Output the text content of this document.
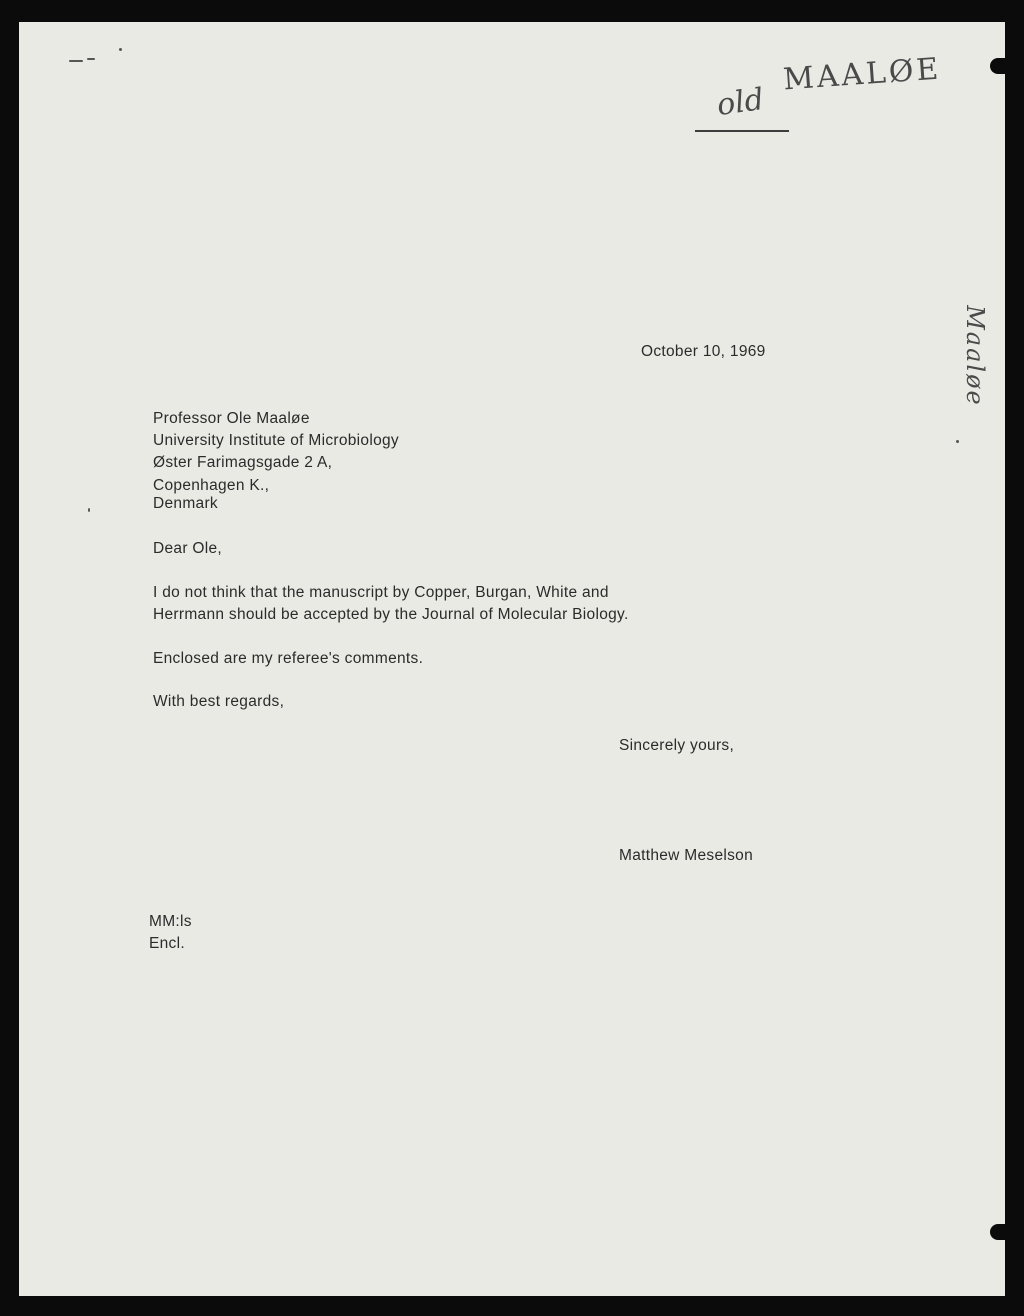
old
MAALØE
Maaløe
October 10, 1969
Professor Ole Maaløe
University Institute of Microbiology
Øster Farimagsgade 2 A,
Copenhagen K.,
Denmark
Dear Ole,
I do not think that the manuscript by Copper, Burgan, White and
Herrmann should be accepted by the Journal of Molecular Biology.
Enclosed are my referee's comments.
With best regards,
Sincerely yours,
Matthew Meselson
MM:ls
Encl.
